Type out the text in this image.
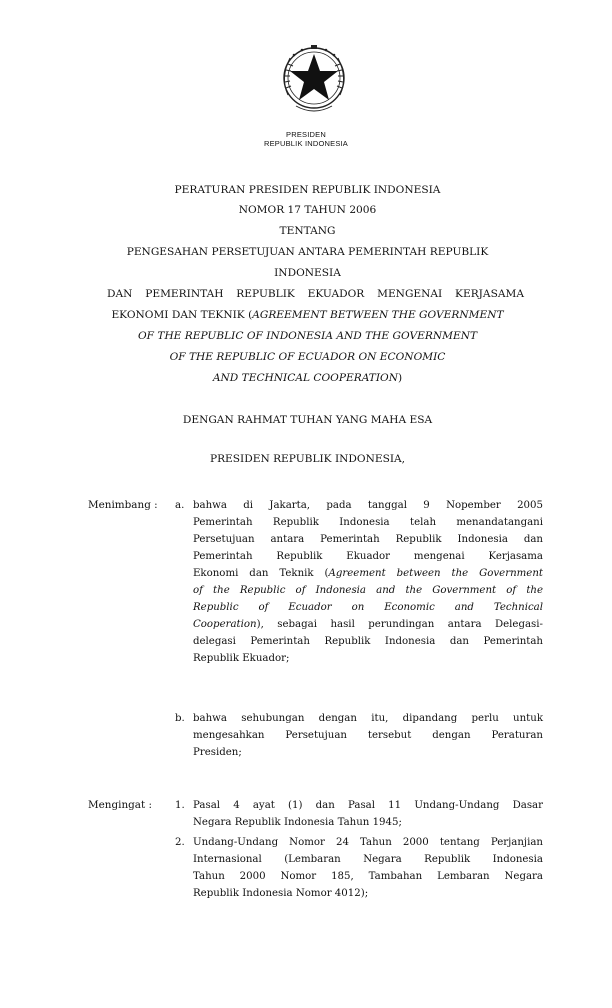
PRESIDEN
REPUBLIK INDONESIA
PERATURAN PRESIDEN REPUBLIK INDONESIA
NOMOR 17 TAHUN 2006
TENTANG
PENGESAHAN PERSETUJUAN ANTARA PEMERINTAH REPUBLIK
INDONESIA
DAN PEMERINTAH REPUBLIK EKUADOR MENGENAI KERJASAMA
EKONOMI DAN TEKNIK (AGREEMENT BETWEEN THE GOVERNMENT
OF THE REPUBLIC OF INDONESIA AND THE GOVERNMENT
OF THE REPUBLIC OF ECUADOR ON ECONOMIC
AND TECHNICAL COOPERATION)
DENGAN RAHMAT TUHAN YANG MAHA ESA
PRESIDEN REPUBLIK INDONESIA,
Menimbang : a. bahwa di Jakarta, pada tanggal 9 Nopember 2005
Pemerintah Republik Indonesia telah menandatangani
Persetujuan antara Pemerintah Republik Indonesia dan
Pemerintah Republik Ekuador mengenai Kerjasama
Ekonomi dan Teknik (Agreement between the Government
of the Republic of Indonesia and the Government of the
Republic of Ecuador on Economic and Technical
Cooperation), sebagai hasil perundingan antara Delegasi-
delegasi Pemerintah Republik Indonesia dan Pemerintah
Republik Ekuador;
b. bahwa sehubungan dengan itu, dipandang perlu untuk
mengesahkan Persetujuan tersebut dengan Peraturan
Presiden;
Mengingat : 1. Pasal 4 ayat (1) dan Pasal 11 Undang-Undang Dasar
Negara Republik Indonesia Tahun 1945;
2. Undang-Undang Nomor 24 Tahun 2000 tentang Perjanjian
Internasional (Lembaran Negara Republik Indonesia
Tahun 2000 Nomor 185, Tambahan Lembaran Negara
Republik Indonesia Nomor 4012);
